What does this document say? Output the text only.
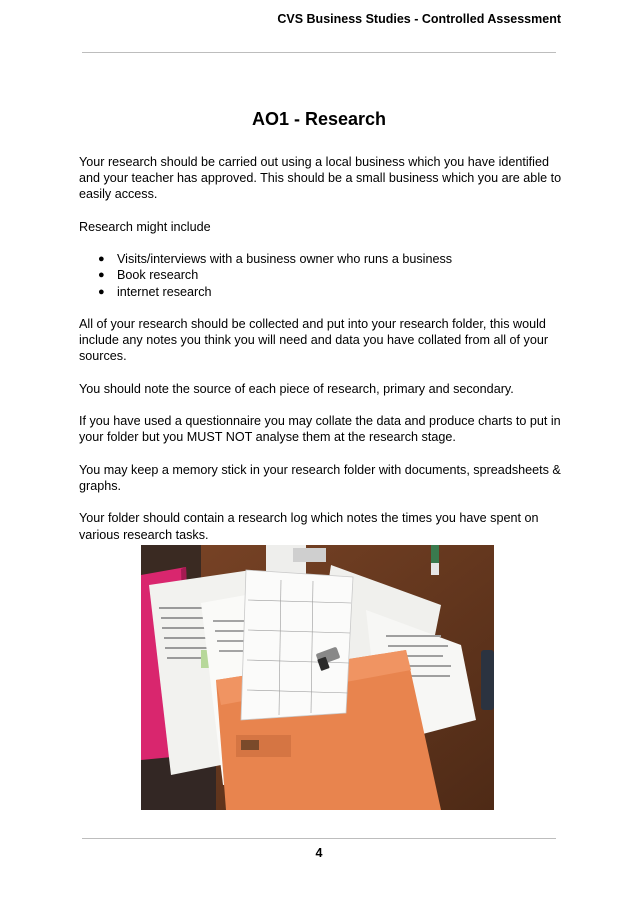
CVS Business Studies - Controlled Assessment
AO1 - Research

Your research should be carried out using a local business which you have identified and your teacher has approved. This should be a small business which you are able to easily access.

Research might include

● Visits/interviews with a business owner who runs a business
● Book research
● internet research

All of your research should be collected and put into your research folder, this would include any notes you think you will need and data you have collated from all of your sources.

You should note the source of each piece of research, primary and secondary.

If you have used a questionnaire you may collate the data and produce charts to put in your folder but you MUST NOT analyse them at the research stage.

You may keep a memory stick in your research folder with documents, spreadsheets & graphs.

Your folder should contain a research log which notes the times you have spent on various research tasks.

4
